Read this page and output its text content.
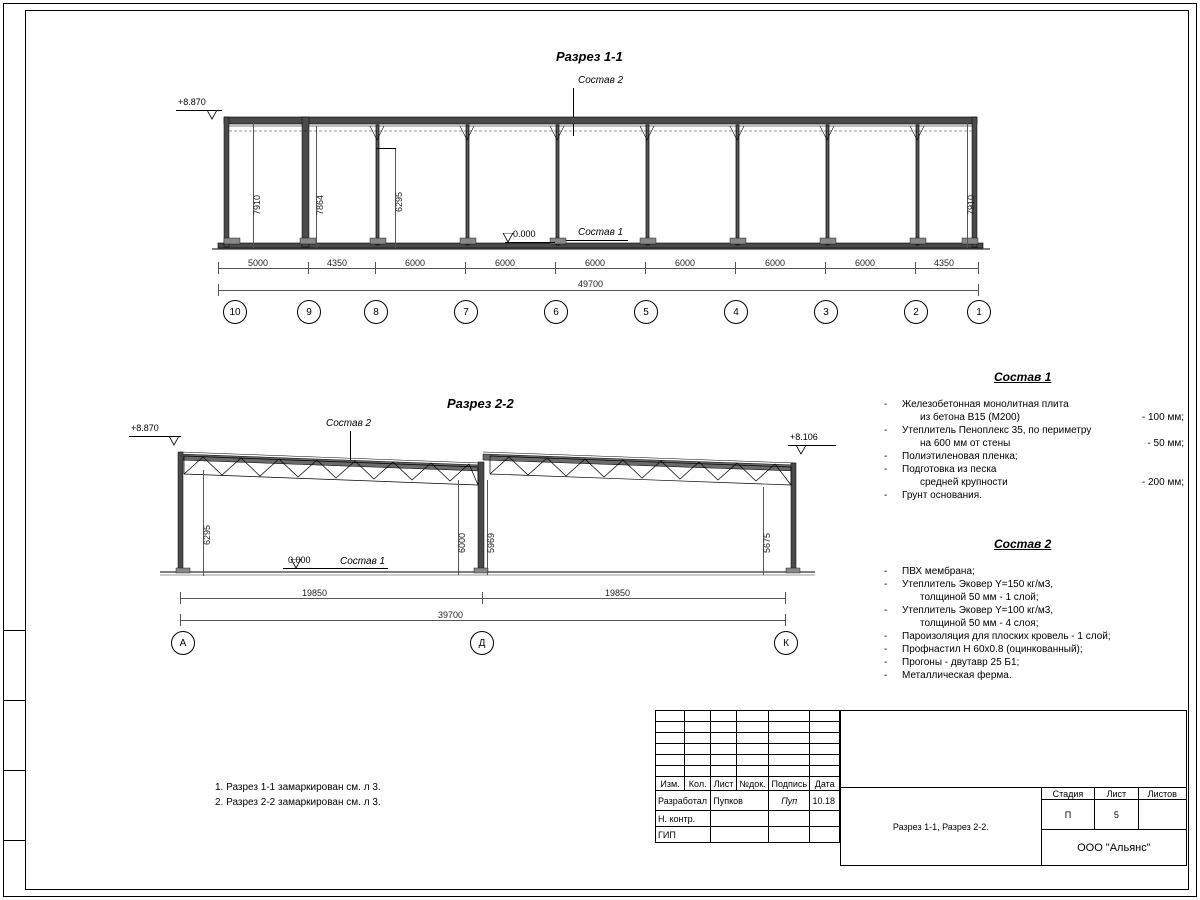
Разрез 1-1
Состав 2
+8.870
0.000	Состав 1
7910	7864	6295	7910
5000	4350	6000	6000	6000	6000	6000	6000	4350
49700
10	9	8	7	6	5	4	3	2	1
Разрез 2-2
Состав 2
+8.870
+8.106
0.000	Состав 1
6295	6000 5969	5675
19850	19850
39700
А	Д	К
Состав 1
-	Железобетонная монолитная плита
из бетона В15 (М200)	- 100 мм;
-	Утеплитель Пеноплекс 35, по периметру
на 600 мм от стены	- 50 мм;
-	Полиэтиленовая пленка;
-	Подготовка из песка
средней крупности	- 200 мм;
-	Грунт основания.
Состав 2
-	ПВХ мембрана;
-	Утеплитель Эковер Y=150 кг/м3,
толщиной 50 мм - 1 слой;
-	Утеплитель Эковер Y=100 кг/м3,
толщиной 50 мм - 4 слоя;
-	Пароизоляция для плоских кровель - 1 слой;
-	Профнастил Н 60х0.8 (оцинкованный);
-	Прогоны - двутавр 25 Б1;
-	Металлическая ферма.
1. Разрез 1-1 замаркирован см. л 3.
2. Разрез 2-2 замаркирован см. л 3.

Изм.	Кол.	Лист	№док.	Подпись	Дата
Разработал		Пупков		Пуп	10.18
Н. контр.					
ГИП					

Разрез 1-1, Разрез 2-2.	Стадия	Лист	Листов
	П	5	
	ООО "Альянс"		
